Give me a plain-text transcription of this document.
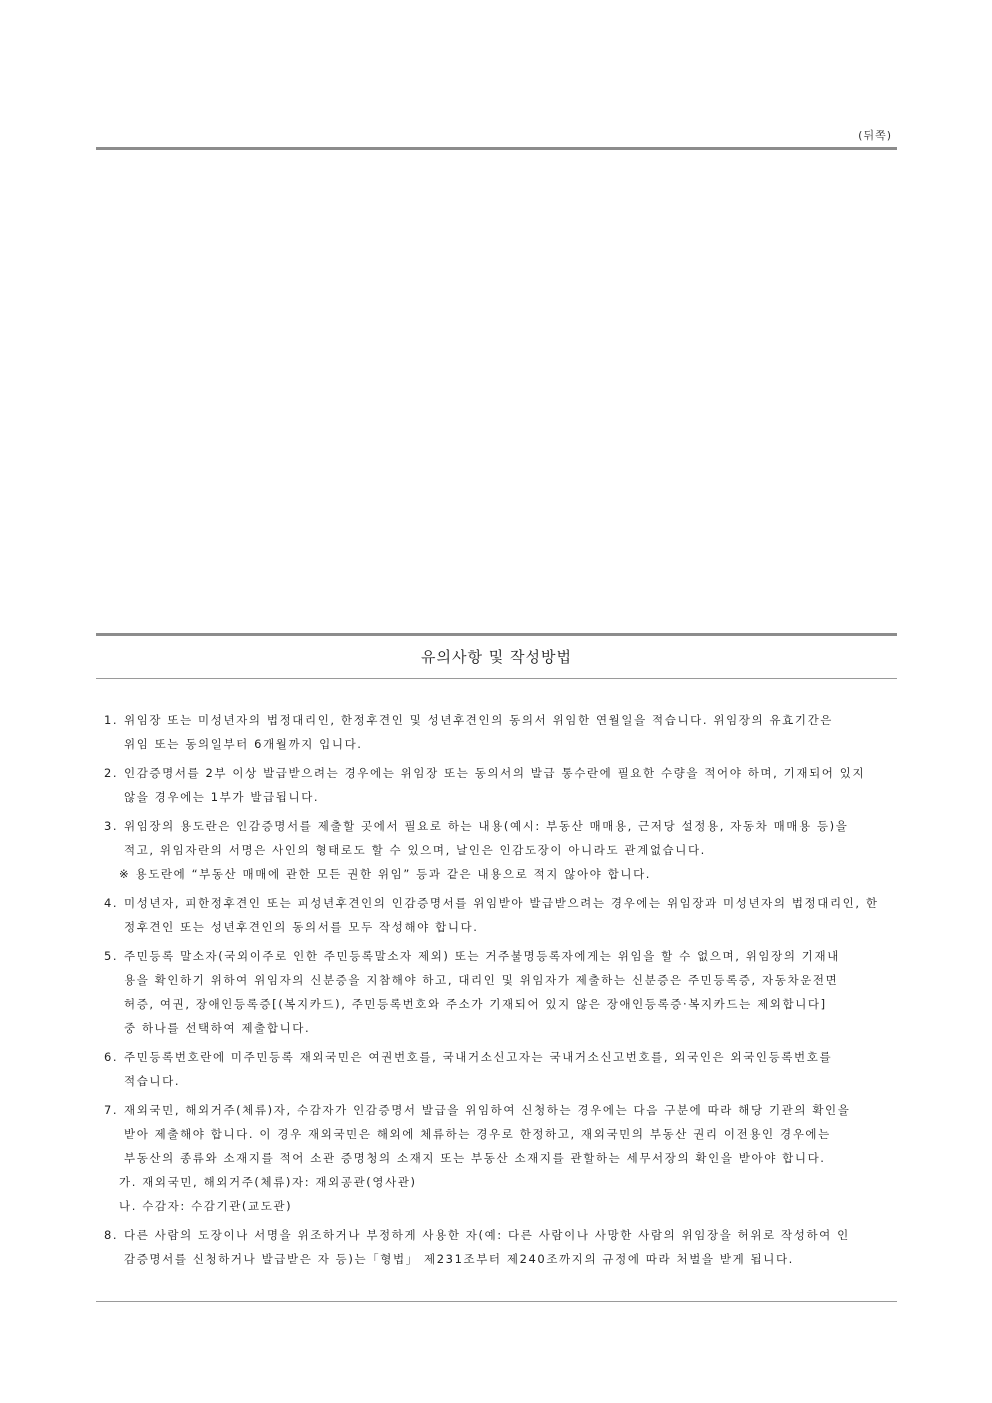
(뒤쪽)
유의사항 및 작성방법
1. 위임장 또는 미성년자의 법정대리인, 한정후견인 및 성년후견인의 동의서 위임한 연월일을 적습니다. 위임장의 유효기간은
위임 또는 동의일부터 6개월까지 입니다.
2. 인감증명서를 2부 이상 발급받으려는 경우에는 위임장 또는 동의서의 발급 통수란에 필요한 수량을 적어야 하며, 기재되어 있지
않을 경우에는 1부가 발급됩니다.
3. 위임장의 용도란은 인감증명서를 제출할 곳에서 필요로 하는 내용(예시: 부동산 매매용, 근저당 설정용, 자동차 매매용 등)을
적고, 위임자란의 서명은 사인의 형태로도 할 수 있으며, 날인은 인감도장이 아니라도 관계없습니다.
※ 용도란에 “부동산 매매에 관한 모든 권한 위임” 등과 같은 내용으로 적지 않아야 합니다.
4. 미성년자, 피한정후견인 또는 피성년후견인의 인감증명서를 위임받아 발급받으려는 경우에는 위임장과 미성년자의 법정대리인, 한
정후견인 또는 성년후견인의 동의서를 모두 작성해야 합니다.
5. 주민등록 말소자(국외이주로 인한 주민등록말소자 제외) 또는 거주불명등록자에게는 위임을 할 수 없으며, 위임장의 기재내
용을 확인하기 위하여 위임자의 신분증을 지참해야 하고, 대리인 및 위임자가 제출하는 신분증은 주민등록증, 자동차운전면
허증, 여권, 장애인등록증[(복지카드), 주민등록번호와 주소가 기재되어 있지 않은 장애인등록증·복지카드는 제외합니다]
중 하나를 선택하여 제출합니다.
6. 주민등록번호란에 미주민등록 재외국민은 여권번호를, 국내거소신고자는 국내거소신고번호를, 외국인은 외국인등록번호를
적습니다.
7. 재외국민, 해외거주(체류)자, 수감자가 인감증명서 발급을 위임하여 신청하는 경우에는 다음 구분에 따라 해당 기관의 확인을
받아 제출해야 합니다. 이 경우 재외국민은 해외에 체류하는 경우로 한정하고, 재외국민의 부동산 권리 이전용인 경우에는
부동산의 종류와 소재지를 적어 소관 증명청의 소재지 또는 부동산 소재지를 관할하는 세무서장의 확인을 받아야 합니다.
가. 재외국민, 해외거주(체류)자: 재외공관(영사관)
나. 수감자: 수감기관(교도관)
8. 다른 사람의 도장이나 서명을 위조하거나 부정하게 사용한 자(예: 다른 사람이나 사망한 사람의 위임장을 허위로 작성하여 인
감증명서를 신청하거나 발급받은 자 등)는「형법」 제231조부터 제240조까지의 규정에 따라 처벌을 받게 됩니다.
